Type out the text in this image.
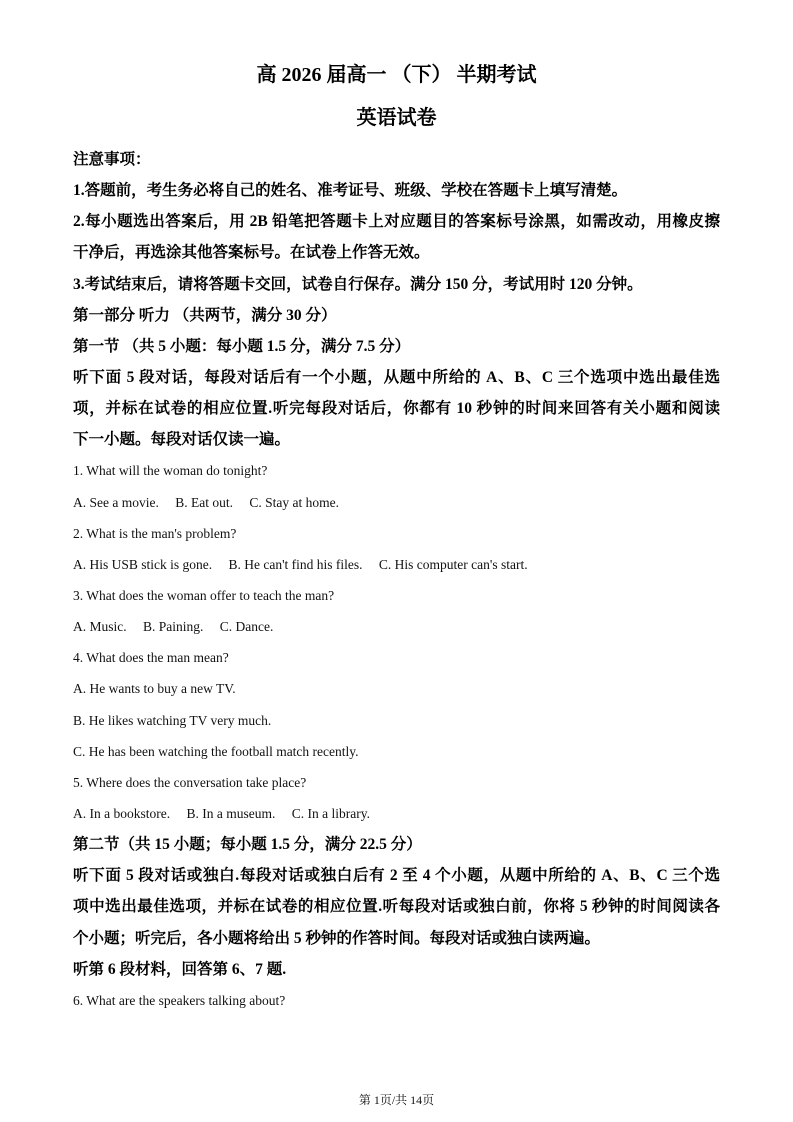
高 2026 届高一 （下） 半期考试
英语试卷
注意事项：
1.答题前，考生务必将自己的姓名、准考证号、班级、学校在答题卡上填写清楚。
2.每小题选出答案后，用 2B 铅笔把答题卡上对应题目的答案标号涂黑，如需改动，用橡皮擦
干净后，再选涂其他答案标号。在试卷上作答无效。
3.考试结束后，请将答题卡交回，试卷自行保存。满分 150 分，考试用时 120 分钟。
第一部分 听力 （共两节，满分 30 分）
第一节 （共 5 小题：每小题 1.5 分，满分 7.5 分）
听下面 5 段对话，每段对话后有一个小题，从题中所给的 A、B、C 三个选项中选出最佳选
项，并标在试卷的相应位置.听完每段对话后，你都有 10 秒钟的时间来回答有关小题和阅读
下一小题。每段对话仅读一遍。
1. What will the woman do tonight?
A. See a movie. B. Eat out. C. Stay at home.
2. What is the man's problem?
A. His USB stick is gone. B. He can't find his files. C. His computer can's start.
3. What does the woman offer to teach the man?
A. Music. B. Paining. C. Dance.
4. What does the man mean?
A. He wants to buy a new TV.
B. He likes watching TV very much.
C. He has been watching the football match recently.
5. Where does the conversation take place?
A. In a bookstore. B. In a museum. C. In a library.
第二节（共 15 小题；每小题 1.5 分，满分 22.5 分）
听下面 5 段对话或独白.每段对话或独白后有 2 至 4 个小题，从题中所给的 A、B、C 三个选
项中选出最佳选项，并标在试卷的相应位置.听每段对话或独白前，你将 5 秒钟的时间阅读各
个小题；听完后，各小题将给出 5 秒钟的作答时间。每段对话或独白读两遍。
听第 6 段材料，回答第 6、7 题.
6. What are the speakers talking about?
第 1页/共 14页
